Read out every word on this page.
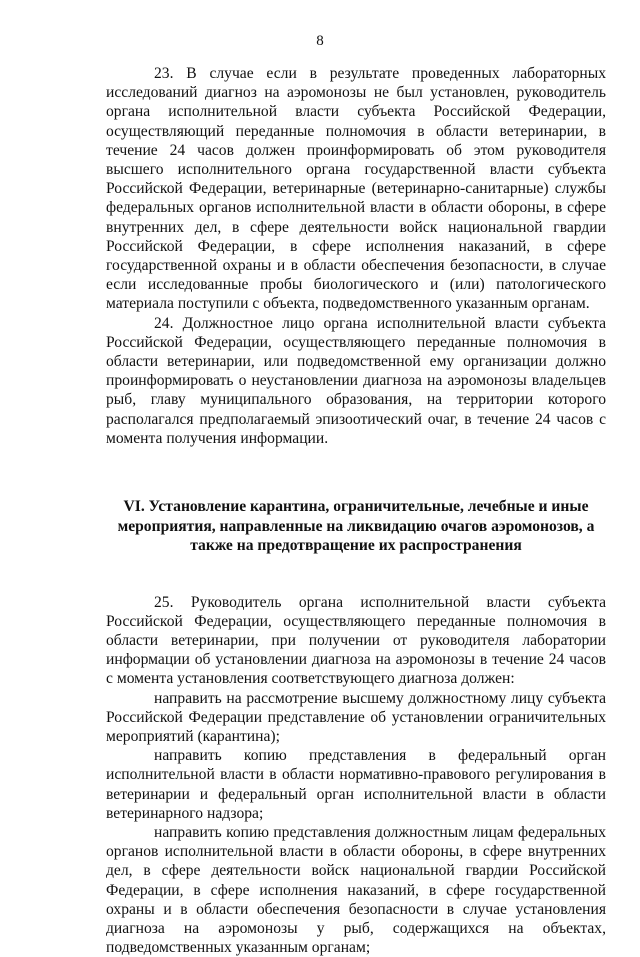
8

23. В случае если в результате проведенных лабораторных исследований диагноз на аэромонозы не был установлен, руководитель органа исполнительной власти субъекта Российской Федерации, осуществляющий переданные полномочия в области ветеринарии, в течение 24 часов должен проинформировать об этом руководителя высшего исполнительного органа государственной власти субъекта Российской Федерации, ветеринарные (ветеринарно-санитарные) службы федеральных органов исполнительной власти в области обороны, в сфере внутренних дел, в сфере деятельности войск национальной гвардии Российской Федерации, в сфере исполнения наказаний, в сфере государственной охраны и в области обеспечения безопасности, в случае если исследованные пробы биологического и (или) патологического материала поступили с объекта, подведомственного указанным органам.

24. Должностное лицо органа исполнительной власти субъекта Российской Федерации, осуществляющего переданные полномочия в области ветеринарии, или подведомственной ему организации должно проинформировать о неустановлении диагноза на аэромонозы владельцев рыб, главу муниципального образования, на территории которого располагался предполагаемый эпизоотический очаг, в течение 24 часов с момента получения информации.

VI. Установление карантина, ограничительные, лечебные и иные мероприятия, направленные на ликвидацию очагов аэромонозов, а также на предотвращение их распространения

25. Руководитель органа исполнительной власти субъекта Российской Федерации, осуществляющего переданные полномочия в области ветеринарии, при получении от руководителя лаборатории информации об установлении диагноза на аэромонозы в течение 24 часов с момента установления соответствующего диагноза должен:

направить на рассмотрение высшему должностному лицу субъекта Российской Федерации представление об установлении ограничительных мероприятий (карантина);

направить копию представления в федеральный орган исполнительной власти в области нормативно-правового регулирования в ветеринарии и федеральный орган исполнительной власти в области ветеринарного надзора;

направить копию представления должностным лицам федеральных органов исполнительной власти в области обороны, в сфере внутренних дел, в сфере деятельности войск национальной гвардии Российской Федерации, в сфере исполнения наказаний, в сфере государственной охраны и в области обеспечения безопасности в случае установления диагноза на аэромонозы у рыб, содержащихся на объектах, подведомственных указанным органам;
